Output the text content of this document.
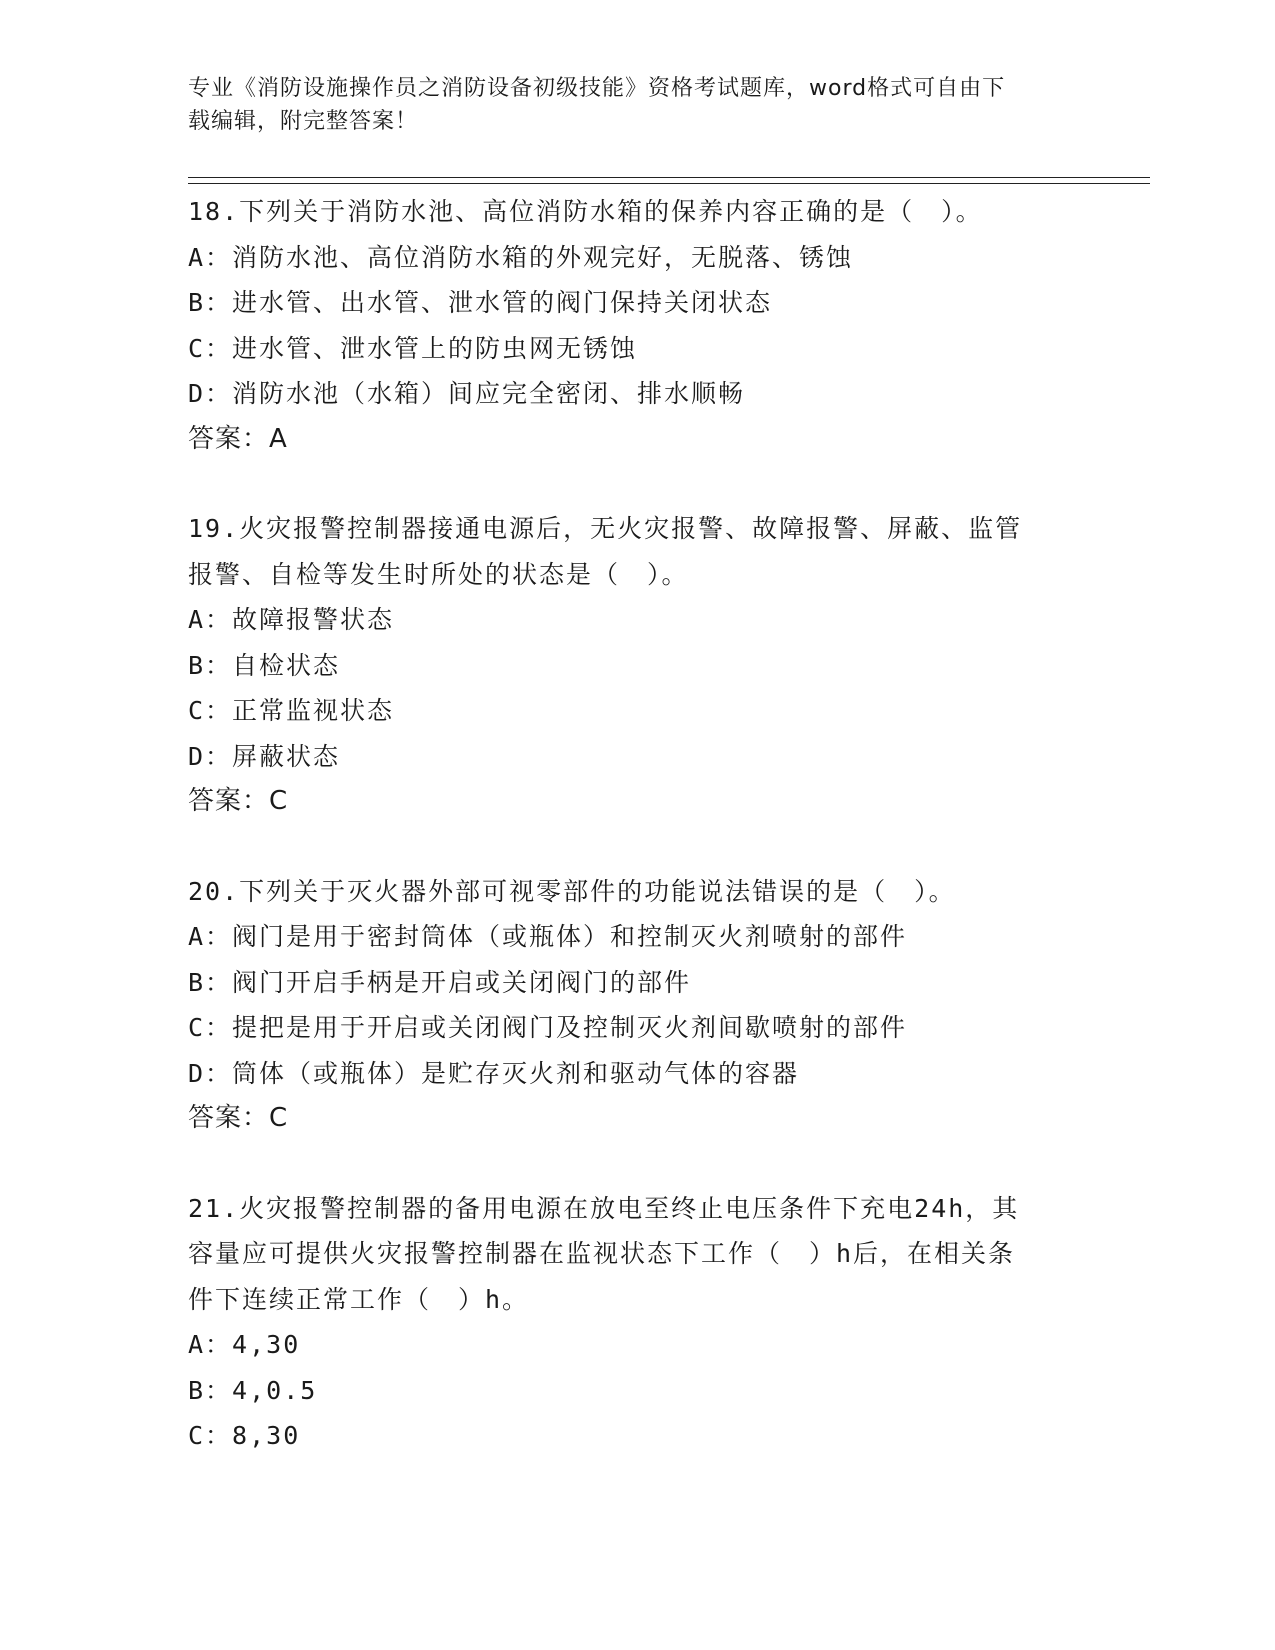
专业《消防设施操作员之消防设备初级技能》资格考试题库，word格式可自由下
载编辑，附完整答案！
18.下列关于消防水池、高位消防水箱的保养内容正确的是（　）。
A：消防水池、高位消防水箱的外观完好，无脱落、锈蚀
B：进水管、出水管、泄水管的阀门保持关闭状态
C：进水管、泄水管上的防虫网无锈蚀
D：消防水池（水箱）间应完全密闭、排水顺畅
答案：A
19.火灾报警控制器接通电源后，无火灾报警、故障报警、屏蔽、监管
报警、自检等发生时所处的状态是（　）。
A：故障报警状态
B：自检状态
C：正常监视状态
D：屏蔽状态
答案：C
20.下列关于灭火器外部可视零部件的功能说法错误的是（　）。
A：阀门是用于密封筒体（或瓶体）和控制灭火剂喷射的部件
B：阀门开启手柄是开启或关闭阀门的部件
C：提把是用于开启或关闭阀门及控制灭火剂间歇喷射的部件
D：筒体（或瓶体）是贮存灭火剂和驱动气体的容器
答案：C
21.火灾报警控制器的备用电源在放电至终止电压条件下充电24h，其
容量应可提供火灾报警控制器在监视状态下工作（　）h后，在相关条
件下连续正常工作（　）h。
A：4,30
B：4,0.5
C：8,30
